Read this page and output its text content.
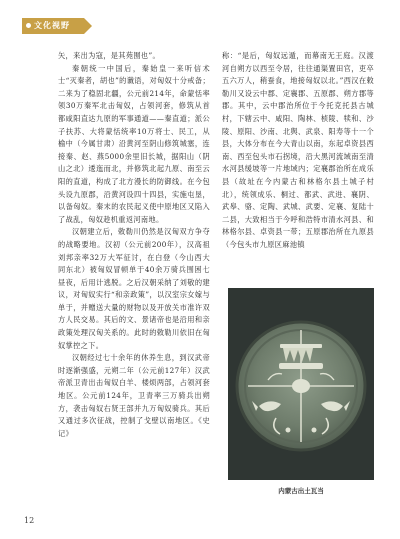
文化视野

矢，来出为寇，是其苑囿也”。

秦朝统一中国后，秦始皇一来听信术士“灭秦者，胡也”的谶语，对匈奴十分戒备；二来为了稳固北疆，公元前214年，命蒙恬率领30万秦军北击匈奴，占领河套，修筑从首都咸阳直达九原的军事通道——秦直道；派公子扶苏、大将蒙恬统率10万将士、民工，从榆中（今属甘肃）沿黄河至阴山修筑城塞，连接秦、赵、燕5000余里旧长城，据阳山（阴山之北）逶迤而北，并修筑北起九原、南至云阳的直道，构成了北方漫长的防御线。在今包头设九原郡，沿黄河设四十四县，实施屯垦，以备匈奴。秦末的农民起义使中原地区又陷入了战乱，匈奴趁机重返河南地。

汉朝建立后，敕勒川仍然是汉匈双方争夺的战略要地。汉初（公元前200年），汉高祖刘邦亲率32万大军征讨，在白登（今山西大同东北）被匈奴冒顿单于40余万骑兵围困七昼夜，后用计逃脱。之后汉朝采纳了刘敬的建议，对匈奴实行“和亲政策”，以汉室宗女嫁与单于，并赠送大量的财物以及开放关市准许双方人民交易。其后的文、景诸帝也是沿用和亲政策处理汉匈关系的。此时的敕勒川依旧在匈奴掌控之下。

汉朝经过七十余年的休养生息，到汉武帝时逐渐强盛，元朔二年（公元前127年）汉武帝派卫青出击匈奴白羊、楼烦两部，占领河套地区。公元前124年，卫青率三万骑兵出朔方，袭击匈奴右贤王部并九万匈奴骑兵。其后又通过多次征战，控制了戈壁以南地区。《史记》

称：“是后，匈奴远遁，而幕南无王庭。汉渡河自朔方以西至令居，往往通渠置田官，吏卒五六万人，稍蚕食，地接匈奴以北。”西汉在敕勒川又设云中郡、定襄郡、五原郡、朔方郡等郡。其中，云中郡治所位于今托克托县古城村，下辖云中、咸阳、陶林、桢陵、犊和、沙陵、原阳、沙南、北舆、武泉、阳寿等十一个县，大体分布在今大青山以南，东起卓资县西南、西至包头市石拐境，沿大黑河流域南至清水河县缓坡等一片地域内；定襄郡治所在成乐县（故址在今内蒙古和林格尔县土城子村北），统领成乐、桐过、都武、武进、襄阴、武皋、骆、定陶、武城、武要、定襄、复陆十二县，大致相当于今呼和浩特市清水河县、和林格尔县、卓资县一带；五原郡治所在九原县（今包头市九原区麻池镇

内蒙古出土瓦当
12
